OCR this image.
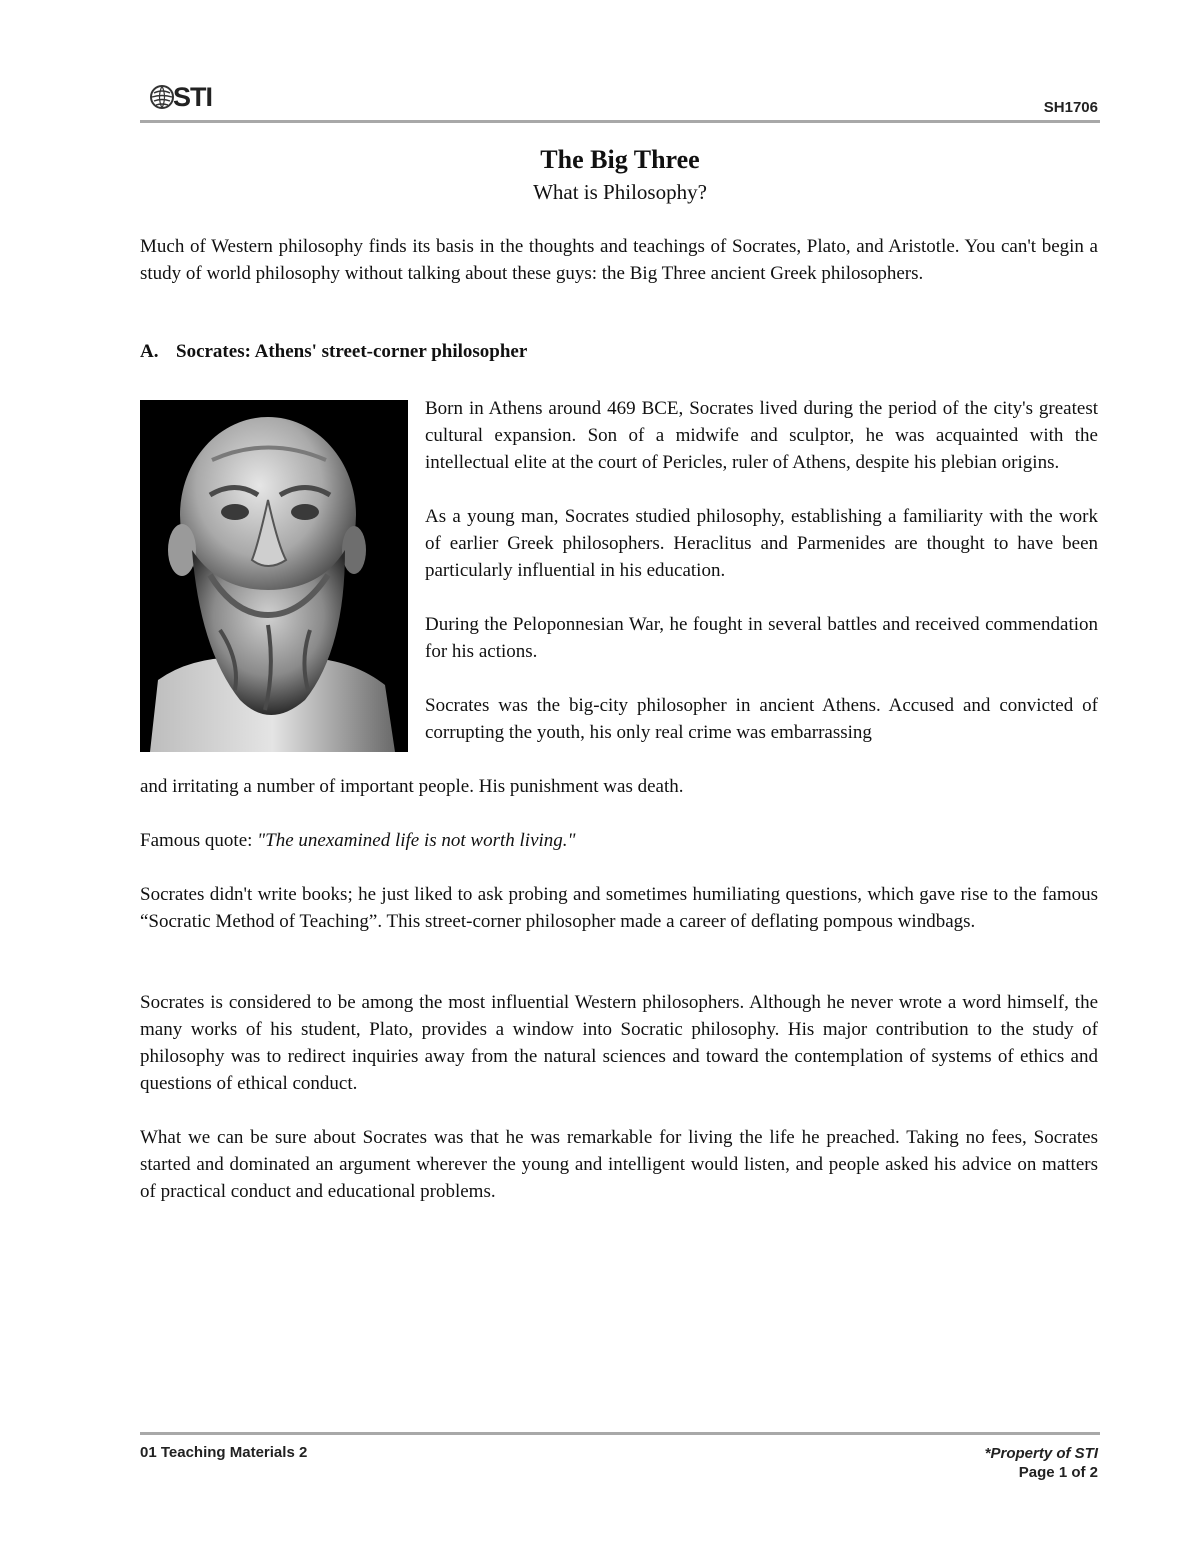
STI	SH1706
The Big Three
What is Philosophy?

Much of Western philosophy finds its basis in the thoughts and teachings of Socrates, Plato, and Aristotle. You can't begin a study of world philosophy without talking about these guys: the Big Three ancient Greek philosophers.

A. Socrates: Athens' street-corner philosopher

Born in Athens around 469 BCE, Socrates lived during the period of the city's greatest cultural expansion. Son of a midwife and sculptor, he was acquainted with the intellectual elite at the court of Pericles, ruler of Athens, despite his plebian origins.

As a young man, Socrates studied philosophy, establishing a familiarity with the work of earlier Greek philosophers. Heraclitus and Parmenides are thought to have been particularly influential in his education.

During the Peloponnesian War, he fought in several battles and received commendation for his actions.

Socrates was the big-city philosopher in ancient Athens. Accused and convicted of corrupting the youth, his only real crime was embarrassing

and irritating a number of important people. His punishment was death.

Famous quote: "The unexamined life is not worth living."

Socrates didn't write books; he just liked to ask probing and sometimes humiliating questions, which gave rise to the famous “Socratic Method of Teaching”. This street-corner philosopher made a career of deflating pompous windbags.

Socrates is considered to be among the most influential Western philosophers. Although he never wrote a word himself, the many works of his student, Plato, provides a window into Socratic philosophy. His major contribution to the study of philosophy was to redirect inquiries away from the natural sciences and toward the contemplation of systems of ethics and questions of ethical conduct.

What we can be sure about Socrates was that he was remarkable for living the life he preached. Taking no fees, Socrates started and dominated an argument wherever the young and intelligent would listen, and people asked his advice on matters of practical conduct and educational problems.

01 Teaching Materials 2	*Property of STI
Page 1 of 2
